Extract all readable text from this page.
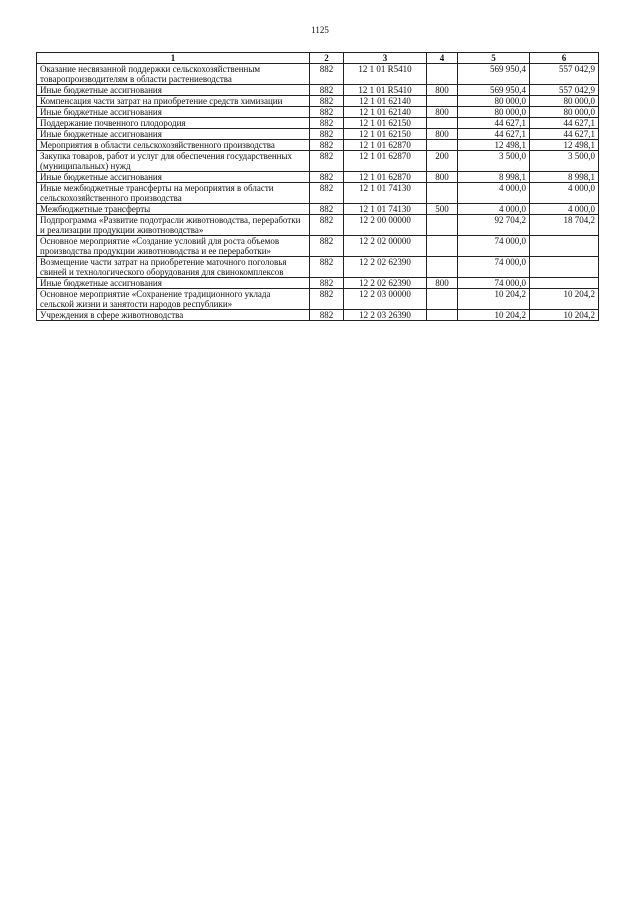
1125
1	2	3	4	5	6
Оказание несвязанной поддержки сельскохозяйственным товаропроизводителям в области растениеводства	882	12 1 01 R5410		569 950,4	557 042,9
Иные бюджетные ассигнования	882	12 1 01 R5410	800	569 950,4	557 042,9
Компенсация части затрат на приобретение средств химизации	882	12 1 01 62140		80 000,0	80 000,0
Иные бюджетные ассигнования	882	12 1 01 62140	800	80 000,0	80 000,0
Поддержание почвенного плодородия	882	12 1 01 62150		44 627,1	44 627,1
Иные бюджетные ассигнования	882	12 1 01 62150	800	44 627,1	44 627,1
Мероприятия в области сельскохозяйственного производства	882	12 1 01 62870		12 498,1	12 498,1
Закупка товаров, работ и услуг для обеспечения государственных (муниципальных) нужд	882	12 1 01 62870	200	3 500,0	3 500,0
Иные бюджетные ассигнования	882	12 1 01 62870	800	8 998,1	8 998,1
Иные межбюджетные трансферты на мероприятия в области сельскохозяйственного производства	882	12 1 01 74130		4 000,0	4 000,0
Межбюджетные трансферты	882	12 1 01 74130	500	4 000,0	4 000,0
Подпрограмма «Развитие подотрасли животноводства, переработки и реализации продукции животноводства»	882	12 2 00 00000		92 704,2	18 704,2
Основное мероприятие «Создание условий для роста объемов производства продукции животноводства и ее переработки»	882	12 2 02 00000		74 000,0	
Возмещение части затрат на приобретение маточного поголовья свиней и технологического оборудования для свинокомплексов	882	12 2 02 62390		74 000,0	
Иные бюджетные ассигнования	882	12 2 02 62390	800	74 000,0	
Основное мероприятие «Сохранение традиционного уклада сельской жизни и занятости народов республики»	882	12 2 03 00000		10 204,2	10 204,2
Учреждения в сфере животноводства	882	12 2 03 26390		10 204,2	10 204,2
